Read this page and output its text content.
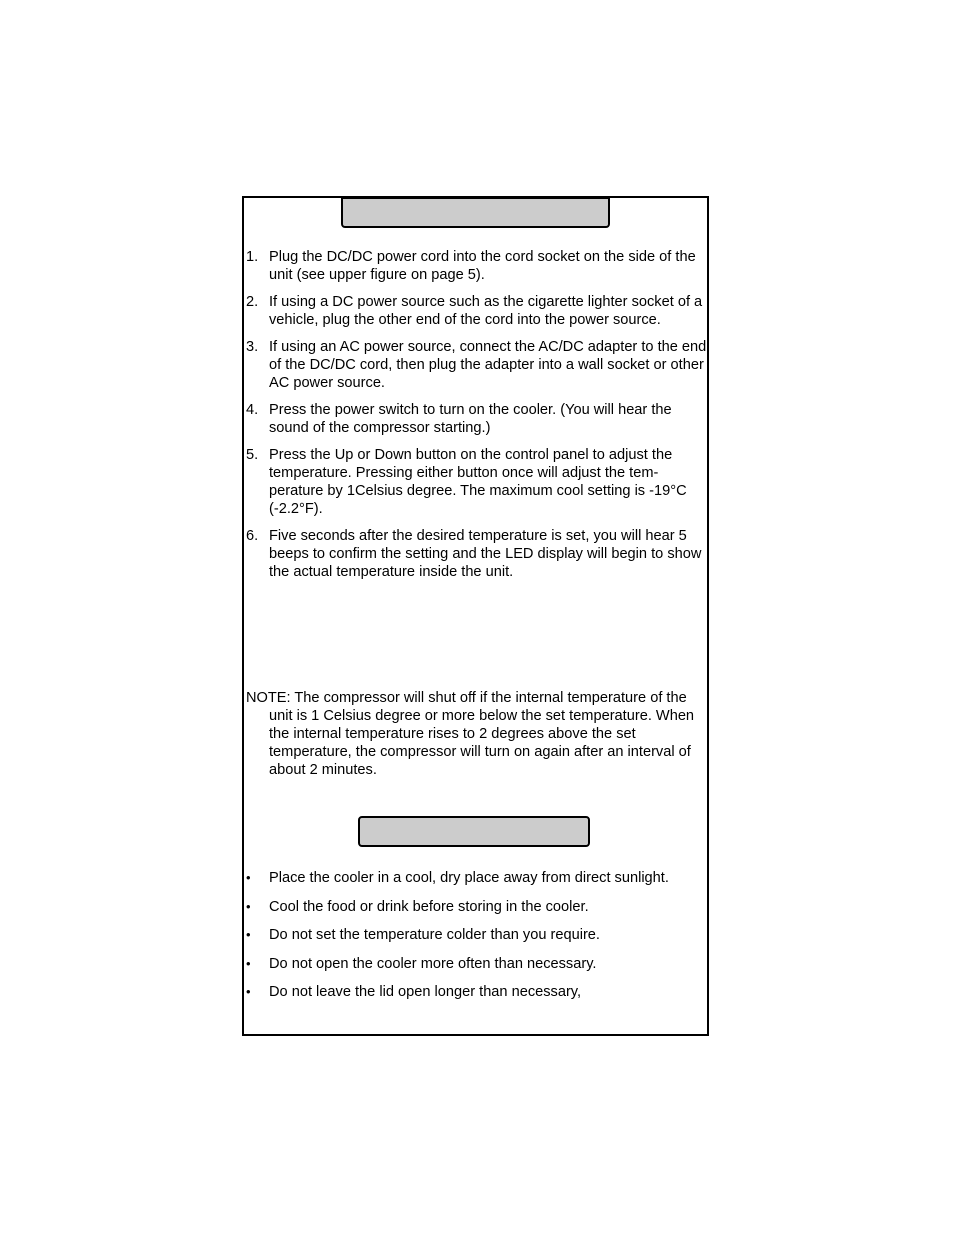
1. Plug the DC/DC power cord into the cord socket on the side of the unit (see upper figure on page 5).
2. If using a DC power source such as the cigarette lighter socket of a vehicle, plug the other end of the cord into the power source.
3. If using an AC power source, connect the AC/DC adapter to the end of the DC/DC cord, then plug the adapter into a wall socket or other AC power source.
4. Press the power switch to turn on the cooler. (You will hear the sound of the compressor starting.)
5. Press the Up or Down button on the control panel to adjust the temperature. Pressing either button once will adjust the tem-perature by 1Celsius degree. The maximum cool setting is -19°C (-2.2°F).
6. Five seconds after the desired temperature is set, you will hear 5 beeps to confirm the setting and the LED display will begin to show the actual temperature inside the unit.
NOTE: The compressor will shut off if the internal temperature of the unit is 1 Celsius degree or more below the set temperature. When the internal temperature rises to 2 degrees above the set temperature, the compressor will turn on again after an interval of about 2 minutes.
• Place the cooler in a cool, dry place away from direct sunlight.
• Cool the food or drink before storing in the cooler.
• Do not set the temperature colder than you require.
• Do not open the cooler more often than necessary.
• Do not leave the lid open longer than necessary,
